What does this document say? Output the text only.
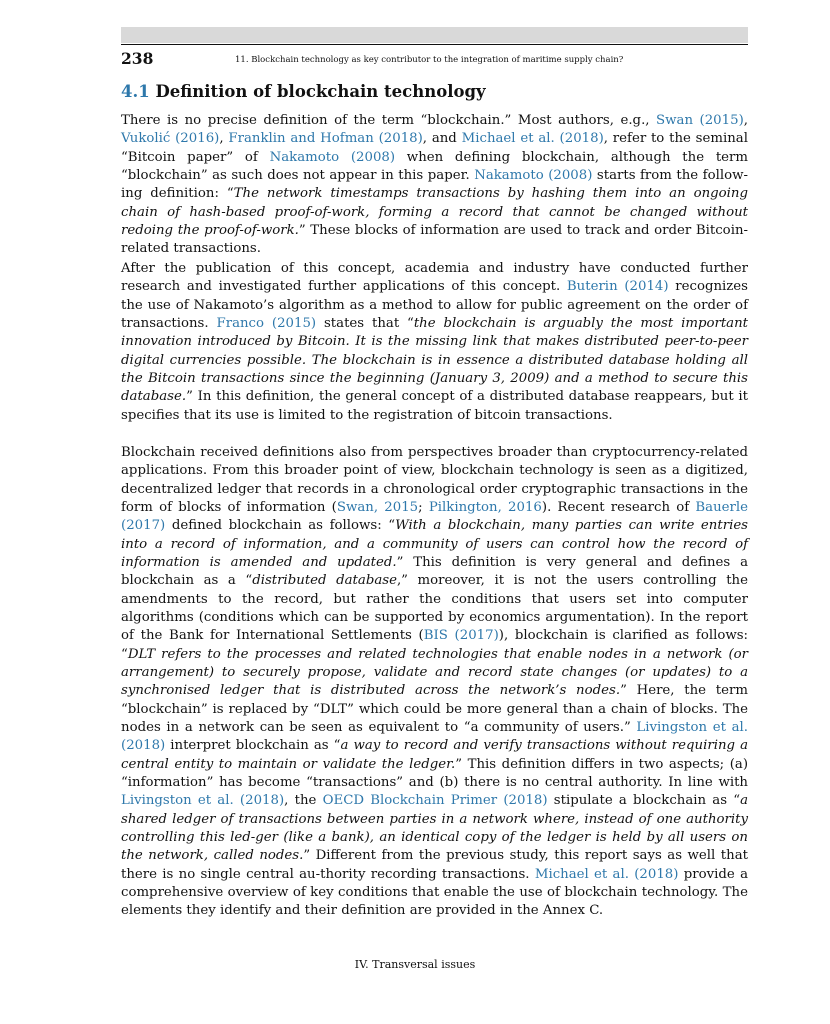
238	11. Blockchain technology as key contributor to the integration of maritime supply chain?
4.1 Definition of blockchain technology

There is no precise definition of the term “blockchain.” Most authors, e.g., Swan (2015), Vukolić (2016), Franklin and Hofman (2018), and Michael et al. (2018), refer to the seminal “Bitcoin paper” of Nakamoto (2008) when defining blockchain, although the term “blockchain” as such does not appear in this paper. Nakamoto (2008) starts from the follow-ing definition: “The network timestamps transactions by hashing them into an ongoing chain of hash-based proof-of-work, forming a record that cannot be changed without redoing the proof-of-work.” These blocks of information are used to track and order Bitcoin-related transactions.

After the publication of this concept, academia and industry have conducted further research and investigated further applications of this concept. Buterin (2014) recognizes the use of Nakamoto’s algorithm as a method to allow for public agreement on the order of transactions. Franco (2015) states that “the blockchain is arguably the most important innovation introduced by Bitcoin. It is the missing link that makes distributed peer-to-peer digital currencies possible. The blockchain is in essence a distributed database holding all the Bitcoin transactions since the beginning (January 3, 2009) and a method to secure this database.” In this definition, the general concept of a distributed database reappears, but it specifies that its use is limited to the registration of bitcoin transactions.

Blockchain received definitions also from perspectives broader than cryptocurrency-related applications. From this broader point of view, blockchain technology is seen as a digitized, decentralized ledger that records in a chronological order cryptographic transactions in the form of blocks of information (Swan, 2015; Pilkington, 2016). Recent research of Bauerle (2017) defined blockchain as follows: “With a blockchain, many parties can write entries into a record of information, and a community of users can control how the record of information is amended and updated.” This definition is very general and defines a blockchain as a “distributed database,” moreover, it is not the users controlling the amendments to the record, but rather the conditions that users set into computer algorithms (conditions which can be supported by economics argumentation). In the report of the Bank for International Settlements (BIS (2017)), blockchain is clarified as follows: “DLT refers to the processes and related technologies that enable nodes in a network (or arrangement) to securely propose, validate and record state changes (or updates) to a synchronised ledger that is distributed across the network’s nodes.” Here, the term “blockchain” is replaced by “DLT” which could be more general than a chain of blocks. The nodes in a network can be seen as equivalent to “a community of users.” Livingston et al. (2018) interpret blockchain as “a way to record and verify transactions without requiring a central entity to maintain or validate the ledger.” This definition differs in two aspects; (a) “information” has become “transactions” and (b) there is no central authority. In line with Livingston et al. (2018), the OECD Blockchain Primer (2018) stipulate a blockchain as “a shared ledger of transactions between parties in a network where, instead of one authority controlling this led-ger (like a bank), an identical copy of the ledger is held by all users on the network, called nodes.” Different from the previous study, this report says as well that there is no single central au-thority recording transactions. Michael et al. (2018) provide a comprehensive overview of key conditions that enable the use of blockchain technology. The elements they identify and their definition are provided in the Annex C.

IV. Transversal issues
